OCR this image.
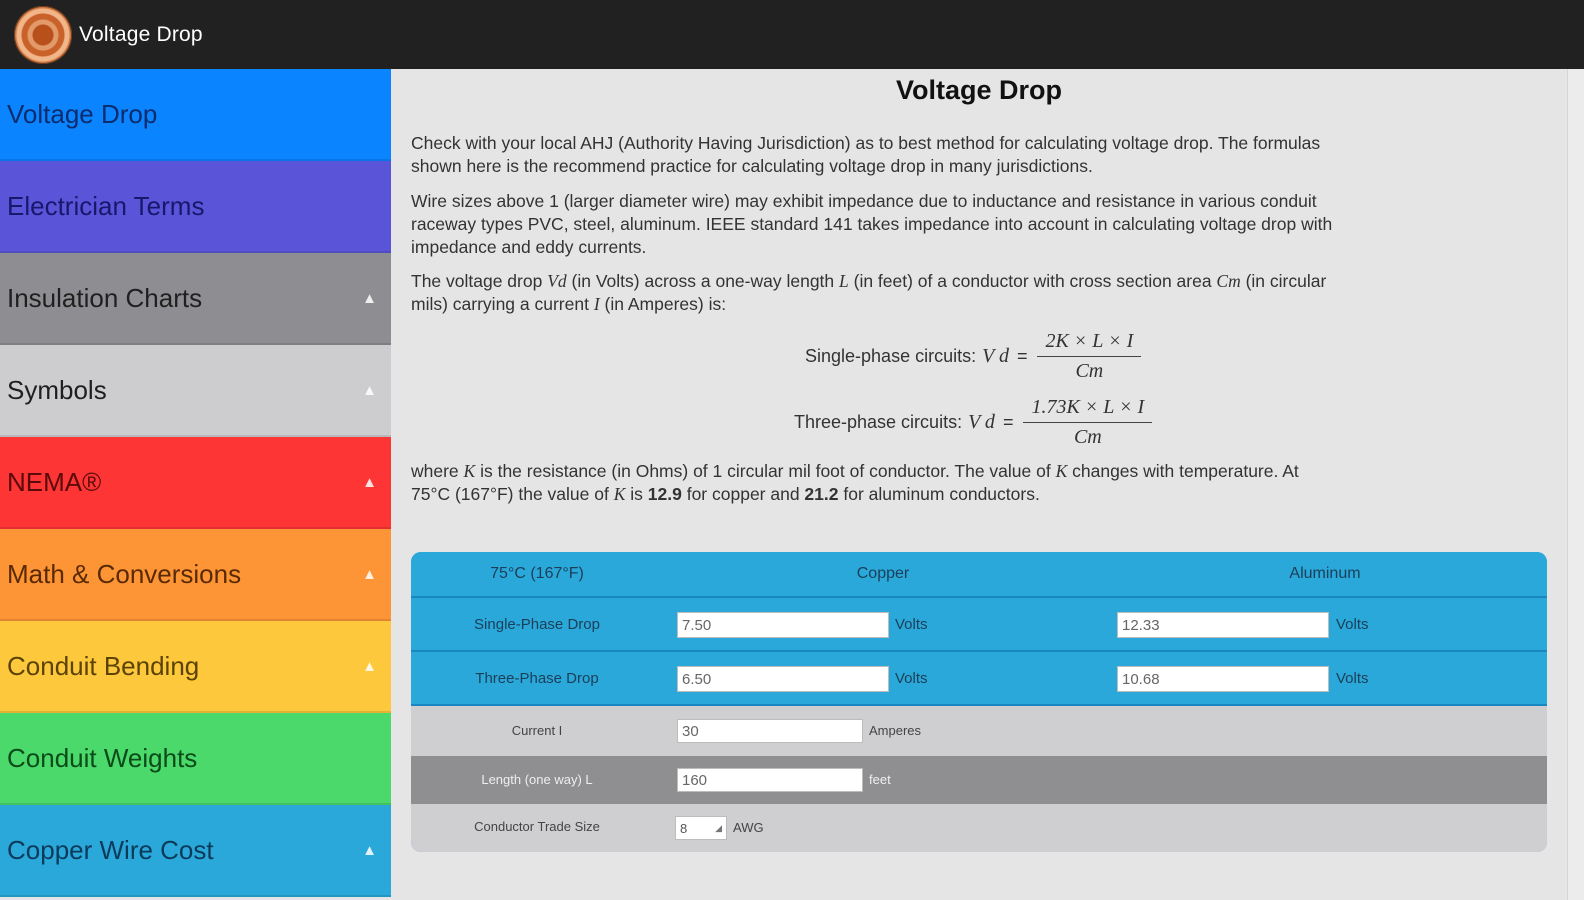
Voltage Drop
Voltage Drop
Electrician Terms
Insulation Charts	▲
Symbols	▲
NEMA®	▲
Math & Conversions	▲
Conduit Bending	▲
Conduit Weights
Copper Wire Cost	▲
Voltage Drop

Check with your local AHJ (Authority Having Jurisdiction) as to best method for calculating voltage drop. The formulas shown here is the recommend practice for calculating voltage drop in many jurisdictions.

Wire sizes above 1 (larger diameter wire) may exhibit impedance due to inductance and resistance in various conduit raceway types PVC, steel, aluminum. IEEE standard 141 takes impedance into account in calculating voltage drop with impedance and eddy currents.

The voltage drop Vd (in Volts) across a one-way length L (in feet) of a conductor with cross section area Cm (in circular mils) carrying a current I (in Amperes) is:

Single-phase circuits: V $d = \frac{2K \times L \times I}{Cm}$
Three-phase circuits: V $d = \frac{1.73K \times L \times I}{Cm}$

where K is the resistance (in Ohms) of 1 circular mil foot of conductor. The value of K changes with temperature. At 75°C (167°F) the value of K is 12.9 for copper and 21.2 for aluminum conductors.

75°C (167°F)	Copper	Aluminum
Single-Phase Drop	7.50	Volts	12.33	Volts
Three-Phase Drop	6.50	Volts	10.68	Volts
Current I	30	Amperes
Length (one way) L	160	feet
Conductor Trade Size	8	◢ AWG
